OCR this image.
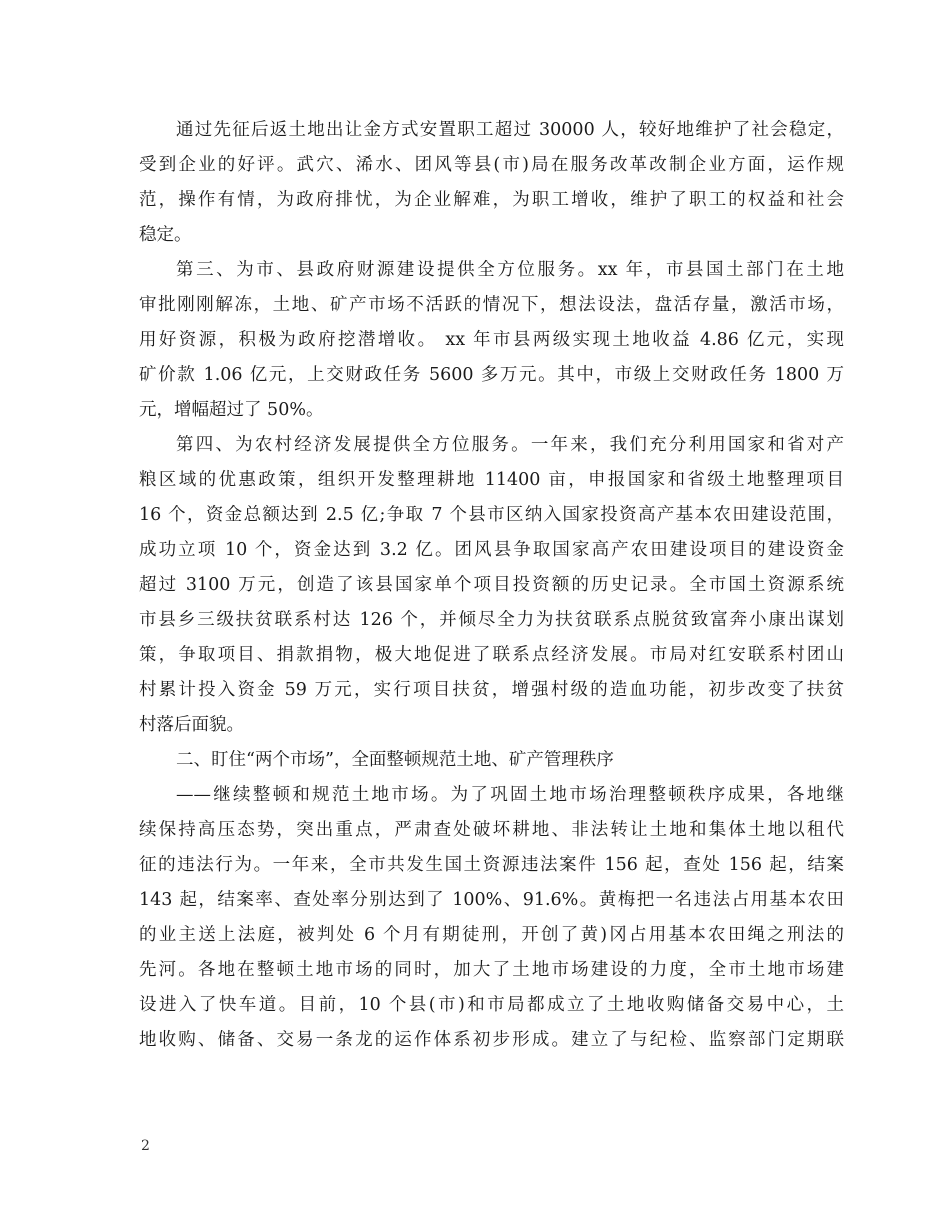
通过先征后返土地出让金方式安置职工超过 30000 人，较好地维护了社会稳定，
受到企业的好评。武穴、浠水、团风等县(市)局在服务改革改制企业方面，运作规
范，操作有情，为政府排忧，为企业解难，为职工增收，维护了职工的权益和社会
稳定。
第三、为市、县政府财源建设提供全方位服务。xx 年，市县国土部门在土地
审批刚刚解冻，土地、矿产市场不活跃的情况下，想法设法，盘活存量，激活市场，
用好资源，积极为政府挖潜增收。 xx 年市县两级实现土地收益 4.86 亿元，实现
矿价款 1.06 亿元，上交财政任务 5600 多万元。其中，市级上交财政任务 1800 万
元，增幅超过了 50%。
第四、为农村经济发展提供全方位服务。一年来，我们充分利用国家和省对产
粮区域的优惠政策，组织开发整理耕地 11400 亩，申报国家和省级土地整理项目
16 个，资金总额达到 2.5 亿;争取 7 个县市区纳入国家投资高产基本农田建设范围，
成功立项 10 个，资金达到 3.2 亿。团风县争取国家高产农田建设项目的建设资金
超过 3100 万元，创造了该县国家单个项目投资额的历史记录。全市国土资源系统
市县乡三级扶贫联系村达 126 个，并倾尽全力为扶贫联系点脱贫致富奔小康出谋划
策，争取项目、捐款捐物，极大地促进了联系点经济发展。市局对红安联系村团山
村累计投入资金 59 万元，实行项目扶贫，增强村级的造血功能，初步改变了扶贫
村落后面貌。
二、盯住“两个市场”，全面整顿规范土地、矿产管理秩序
——继续整顿和规范土地市场。为了巩固土地市场治理整顿秩序成果，各地继
续保持高压态势，突出重点，严肃查处破坏耕地、非法转让土地和集体土地以租代
征的违法行为。一年来，全市共发生国土资源违法案件 156 起，查处 156 起，结案
143 起，结案率、查处率分别达到了 100%、91.6%。黄梅把一名违法占用基本农田
的业主送上法庭，被判处 6 个月有期徒刑，开创了黄)冈占用基本农田绳之刑法的
先河。各地在整顿土地市场的同时，加大了土地市场建设的力度，全市土地市场建
设进入了快车道。目前，10 个县(市)和市局都成立了土地收购储备交易中心，土
地收购、储备、交易一条龙的运作体系初步形成。建立了与纪检、监察部门定期联
2
